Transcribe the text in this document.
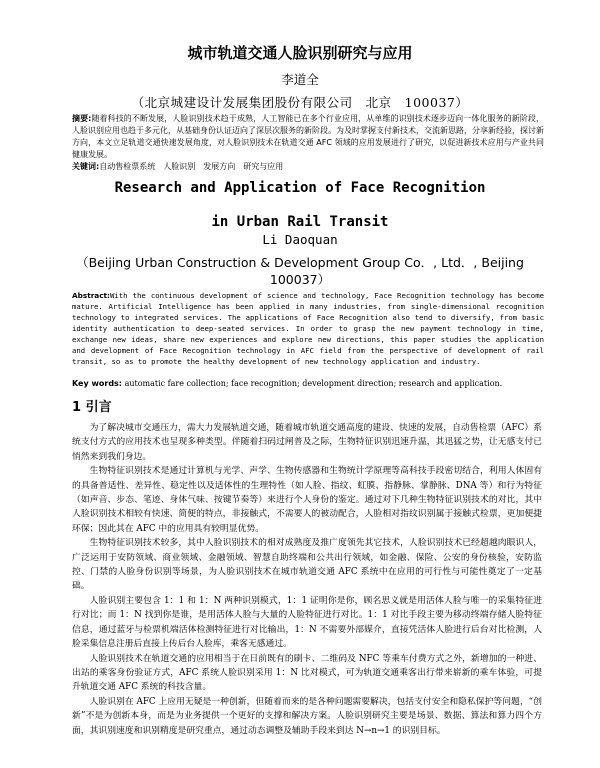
城市轨道交通人脸识别研究与应用
李道全
（北京城建设计发展集团股份有限公司　北京　100037）
摘要:随着科技的不断发展，人脸识别技术趋于成熟，人工智能已在多个行业应用，从单维的识别技术逐步迈向一体化服务的新阶段，人脸识别应用也趋于多元化，从基础身份认证迈向了深层次服务的新阶段。为及时掌握支付新技术，交流新思路，分享新经验，探讨新方向，本文立足轨道交通快速发展角度，对人脸识别技术在轨道交通 AFC 领域的应用发展进行了研究，以促进新技术应用与产业共同健康发展。
关键词:自动售检票系统　人脸识别　发展方向　研究与应用
Research and Application of Face Recognition
in Urban Rail Transit
Li Daoquan
（Beijing Urban Construction & Development Group Co．, Ltd．, Beijing 100037）
Abstract:With the continuous development of science and technology, Face Recognition technology has become mature. Artificial Intelligence has been applied in many industries, from single-dimensional recognition technology to integrated services. The applications of Face Recognition also tend to diversify, from basic identity authentication to deep-seated services. In order to grasp the new payment technology in time, exchange new ideas, share new experiences and explore new directions, this paper studies the application and development of Face Recognition technology in AFC field from the perspective of development of rail transit, so as to promote the healthy development of new technology application and industry.
Key words: automatic fare collection; face recognition; development direction; research and application.
1 引言

为了解决城市交通压力，需大力发展轨道交通，随着城市轨道交通高度的建设、快速的发展，自动售检票（AFC）系统支付方式的应用技术也呈现多种类型。伴随着扫码过闸普及之际，生物特征识别迅速升温，其迅猛之势，让无感支付已悄然来到我们身边。

生物特征识别技术是通过计算机与光学、声学、生物传感器和生物统计学原理等高科技手段密切结合，利用人体固有的具备普适性、差异性、稳定性以及适体性的生理特性（如人脸、指纹、虹膜、指静脉、掌静脉、DNA 等）和行为特征（如声音、步态、笔迹、身体气味、按键节奏等）来进行个人身份的鉴定。通过对下几种生物特征识别技术的对比，其中人脸识别技术相较有快速、简便的特点，非接触式，不需要人的被动配合，人脸相对指纹识别属于接触式检票，更加便捷环保；因此其在 AFC 中的应用具有较明显优势。

生物特征识别技术较多，其中人脸识别技术的相对成熟度及推广度领先其它技术，人脸识别技术已经超越肉眼识人，广泛运用于安防领域、商业领域、金融领域、智慧自助终端和公共出行领域，如金融、保险、公安的身份核验，安防监控、门禁的人脸身份识别等场景，为人脸识别技术在城市轨道交通 AFC 系统中在应用的可行性与可能性奠定了一定基础。

人脸识别主要包含 1：1 和 1：N 两种识别模式，1：1 证明你是你，顾名思义就是用活体人脸与唯一的采集特征进行对比；而 1：N 找到你是谁，是用活体人脸与大量的人脸特征进行对比。1：1 对比手段主要为移动终端存储人脸特征信息，通过蓝牙与检票机端活体检测特征进行对比输出，1：N 不需要外部媒介，直接凭活体人脸进行后台对比检测，人脸采集信息注册后直接上传后台人脸库，乘客无感通过。

人脸识别技术在轨道交通的应用相当于在日前既有的刷卡、二维码及 NFC 等乘车付费方式之外，新增加的一种进、出站的乘客身份验证方式，AFC 系统人脸识别采用 1：N 比对模式，可为轨道交通乘客出行带来崭新的乘车体验，可提升轨道交通 AFC 系统的科技含量。

人脸识别在 AFC 上应用无疑是一种创新，但随着而来的是各种问题需要解决，包括支付安全和隐私保护等问题，“创新”不是为创新本身，而是为业务提供一个更好的支撑和解决方案。人脸识别研究主要是场景、数据、算法和算力四个方面，其识别速度和识别精度是研究重点，通过动态调整及辅助手段来到达 N→n→1 的识别目标。
